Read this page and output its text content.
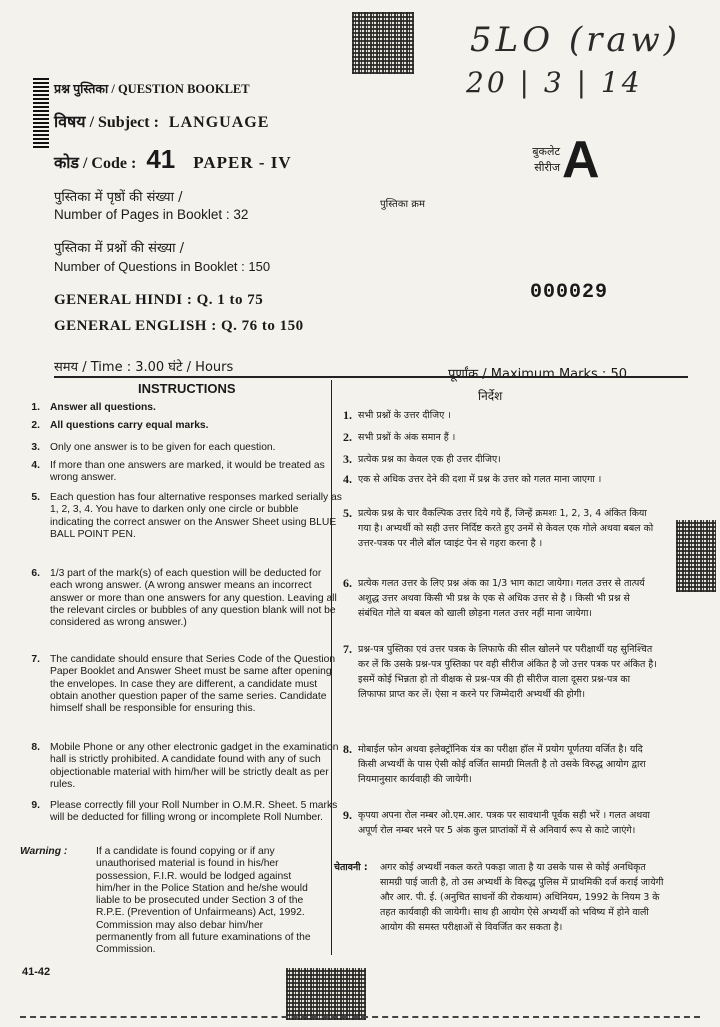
5LO (raw)
20 | 3 | 14
प्रश्न पुस्तिका / QUESTION BOOKLET
विषय / Subject : LANGUAGE
कोड / Code : 41 PAPER - IV
पुस्तिका में पृष्ठों की संख्या /
Number of Pages in Booklet : 32
पुस्तिका में प्रश्नों की संख्या /
Number of Questions in Booklet : 150
बुकलेट
सीरीज A
पुस्तिका क्रम
000029
GENERAL HINDI : Q. 1 to 75
GENERAL ENGLISH : Q. 76 to 150
समय / Time : 3.00 घंटे / Hours	पूर्णांक / Maximum Marks : 50
INSTRUCTIONS
1. Answer all questions.
2. All questions carry equal marks.
3. Only one answer is to be given for each question.
4. If more than one answers are marked, it would be treated as wrong answer.
5. Each question has four alternative responses marked serially as 1, 2, 3, 4. You have to darken only one circle or bubble indicating the correct answer on the Answer Sheet using BLUE BALL POINT PEN.
6. 1/3 part of the mark(s) of each question will be deducted for each wrong answer. (A wrong answer means an incorrect answer or more than one answers for any question. Leaving all the relevant circles or bubbles of any question blank will not be considered as wrong answer.)
7. The candidate should ensure that Series Code of the Question Paper Booklet and Answer Sheet must be same after opening the envelopes. In case they are different, a candidate must obtain another question paper of the same series. Candidate himself shall be responsible for ensuring this.
8. Mobile Phone or any other electronic gadget in the examination hall is strictly prohibited. A candidate found with any of such objectionable material with him/her will be strictly dealt as per rules.
9. Please correctly fill your Roll Number in O.M.R. Sheet. 5 marks will be deducted for filling wrong or incomplete Roll Number.
Warning :	If a candidate is found copying or if any unauthorised material is found in his/her possession, F.I.R. would be lodged against him/her in the Police Station and he/she would liable to be prosecuted under Section 3 of the R.P.E. (Prevention of Unfairmeans) Act, 1992. Commission may also debar him/her permanently from all future examinations of the Commission.
निर्देश
1. सभी प्रश्नों के उत्तर दीजिए ।
2. सभी प्रश्नों के अंक समान हैं ।
3. प्रत्येक प्रश्न का केवल एक ही उत्तर दीजिए।
4. एक से अधिक उत्तर देने की दशा में प्रश्न के उत्तर को गलत माना जाएगा ।
5. प्रत्येक प्रश्न के चार वैकल्पिक उत्तर दिये गये हैं, जिन्हें क्रमशः 1, 2, 3, 4 अंकित किया गया है। अभ्यर्थी को सही उत्तर निर्दिष्ट करते हुए उनमें से केवल एक गोले अथवा बबल को उत्तर-पत्रक पर नीले बॉल प्वाइंट पेन से गहरा करना है ।
6. प्रत्येक गलत उत्तर के लिए प्रश्न अंक का 1/3 भाग काटा जायेगा। गलत उत्तर से तात्पर्य अशुद्ध उत्तर अथवा किसी भी प्रश्न के एक से अधिक उत्तर से है । किसी भी प्रश्न से संबंधित गोले या बबल को खाली छोड़ना गलत उत्तर नहीं माना जायेगा।
7. प्रश्न-पत्र पुस्तिका एवं उत्तर पत्रक के लिफाफे की सील खोलने पर परीक्षार्थी यह सुनिश्चित कर लें कि उसके प्रश्न-पत्र पुस्तिका पर वही सीरीज अंकित है जो उत्तर पत्रक पर अंकित है। इसमें कोई भिन्नता हो तो वीक्षक से प्रश्न-पत्र की ही सीरीज वाला दूसरा प्रश्न-पत्र का लिफाफा प्राप्त कर लें। ऐसा न करने पर जिम्मेदारी अभ्यर्थी की होगी।
8. मोबाईल फोन अथवा इलेक्ट्रॉनिक यंत्र का परीक्षा हॉल में प्रयोग पूर्णतया वर्जित है। यदि किसी अभ्यर्थी के पास ऐसी कोई वर्जित सामग्री मिलती है तो उसके विरुद्ध आयोग द्वारा नियमानुसार कार्यवाही की जायेगी।
9. कृपया अपना रोल नम्बर ओ.एम.आर. पत्रक पर सावधानी पूर्वक सही भरें । गलत अथवा अपूर्ण रोल नम्बर भरने पर 5 अंक कुल प्राप्तांकों में से अनिवार्य रूप से काटे जाएंगे।
चेतावनी : अगर कोई अभ्यर्थी नकल करते पकड़ा जाता है या उसके पास से कोई अनधिकृत सामग्री पाई जाती है, तो उस अभ्यर्थी के विरुद्ध पुलिस में प्राथमिकी दर्ज कराई जायेगी और आर. पी. ई. (अनुचित साधनों की रोकथाम) अधिनियम, 1992 के नियम 3 के तहत कार्यवाही की जायेगी। साथ ही आयोग ऐसे अभ्यर्थी को भविष्य में होने वाली आयोग की समस्त परीक्षाओं से विवर्जित कर सकता है।
41-42
